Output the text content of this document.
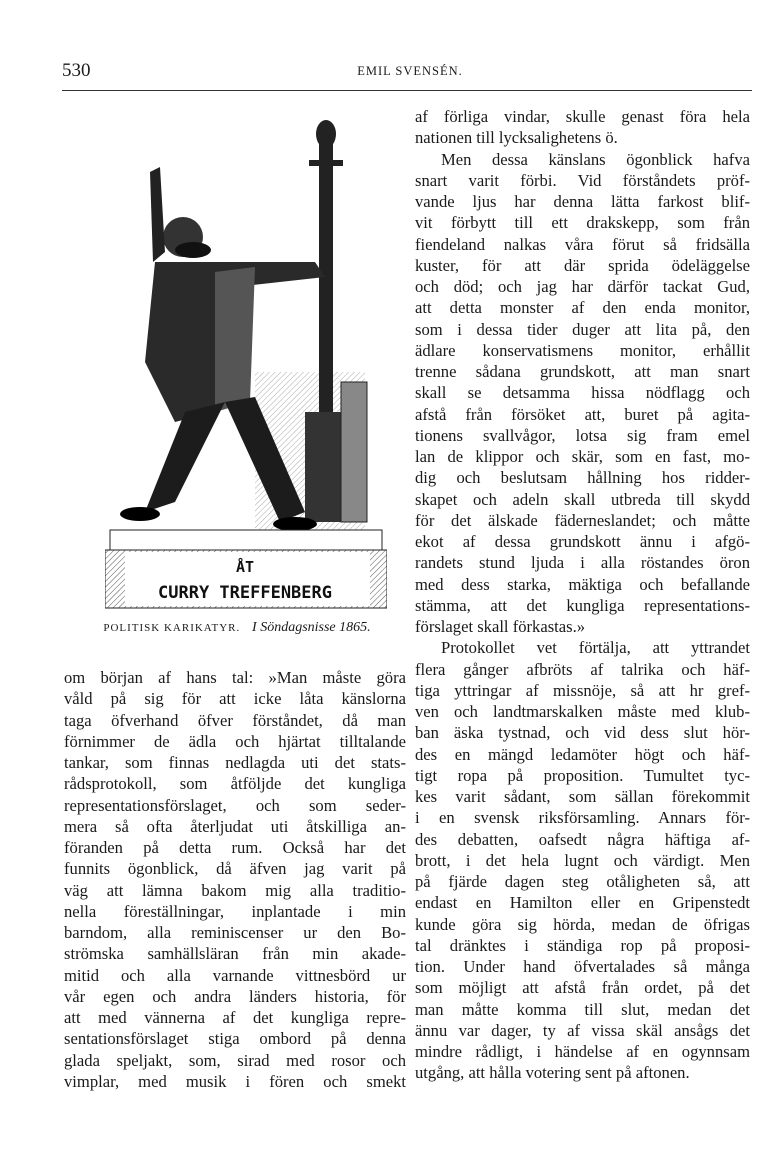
530	EMIL SVENSÉN.
ÅT
CURRY TREFFENBERG
POLITISK KARIKATYR. I Söndagsnisse 1865.
om början af hans tal: »Man måste göra
våld på sig för att icke låta känslorna
taga öfverhand öfver förståndet, då man
förnimmer de ädla och hjärtat tilltalande
tankar, som finnas nedlagda uti det stats-
rådsprotokoll, som åtföljde det kungliga
representationsförslaget, och som seder-
mera så ofta återljudat uti åtskilliga an-
föranden på detta rum. Också har det
funnits ögonblick, då äfven jag varit på
väg att lämna bakom mig alla traditio-
nella föreställningar, inplantade i min
barndom, alla reminiscenser ur den Bo-
strömska samhällsläran från min akade-
mitid och alla varnande vittnesbörd ur
vår egen och andra länders historia, för
att med vännerna af det kungliga repre-
sentationsförslaget stiga ombord på denna
glada speljakt, som, sirad med rosor och
vimplar, med musik i fören och smekt
af förliga vindar, skulle genast föra hela
nationen till lycksalighetens ö.
Men dessa känslans ögonblick hafva
snart varit förbi. Vid förståndets pröf-
vande ljus har denna lätta farkost blif-
vit förbytt till ett drakskepp, som från
fiendeland nalkas våra förut så fridsälla
kuster, för att där sprida ödeläggelse
och död; och jag har därför tackat Gud,
att detta monster af den enda monitor,
som i dessa tider duger att lita på, den
ädlare konservatismens monitor, erhållit
trenne sådana grundskott, att man snart
skall se detsamma hissa nödflagg och
afstå från försöket att, buret på agita-
tionens svallvågor, lotsa sig fram emel
lan de klippor och skär, som en fast, mo-
dig och beslutsam hållning hos ridder-
skapet och adeln skall utbreda till skydd
för det älskade fäderneslandet; och måtte
ekot af dessa grundskott ännu i afgö-
randets stund ljuda i alla röstandes öron
med dess starka, mäktiga och befallande
stämma, att det kungliga representations-
förslaget skall förkastas.»
Protokollet vet förtälja, att yttrandet
flera gånger afbröts af talrika och häf-
tiga yttringar af missnöje, så att hr gref-
ven och landtmarskalken måste med klub-
ban äska tystnad, och vid dess slut hör-
des en mängd ledamöter högt och häf-
tigt ropa på proposition. Tumultet tyc-
kes varit sådant, som sällan förekommit
i en svensk riksförsamling. Annars för-
des debatten, oafsedt några häftiga af-
brott, i det hela lugnt och värdigt. Men
på fjärde dagen steg otåligheten så, att
endast en Hamilton eller en Gripenstedt
kunde göra sig hörda, medan de öfrigas
tal dränktes i ständiga rop på proposi-
tion. Under hand öfvertalades så många
som möjligt att afstå från ordet, på det
man måtte komma till slut, medan det
ännu var dager, ty af vissa skäl ansågs det
mindre rådligt, i händelse af en ogynnsam
utgång, att hålla votering sent på aftonen.
